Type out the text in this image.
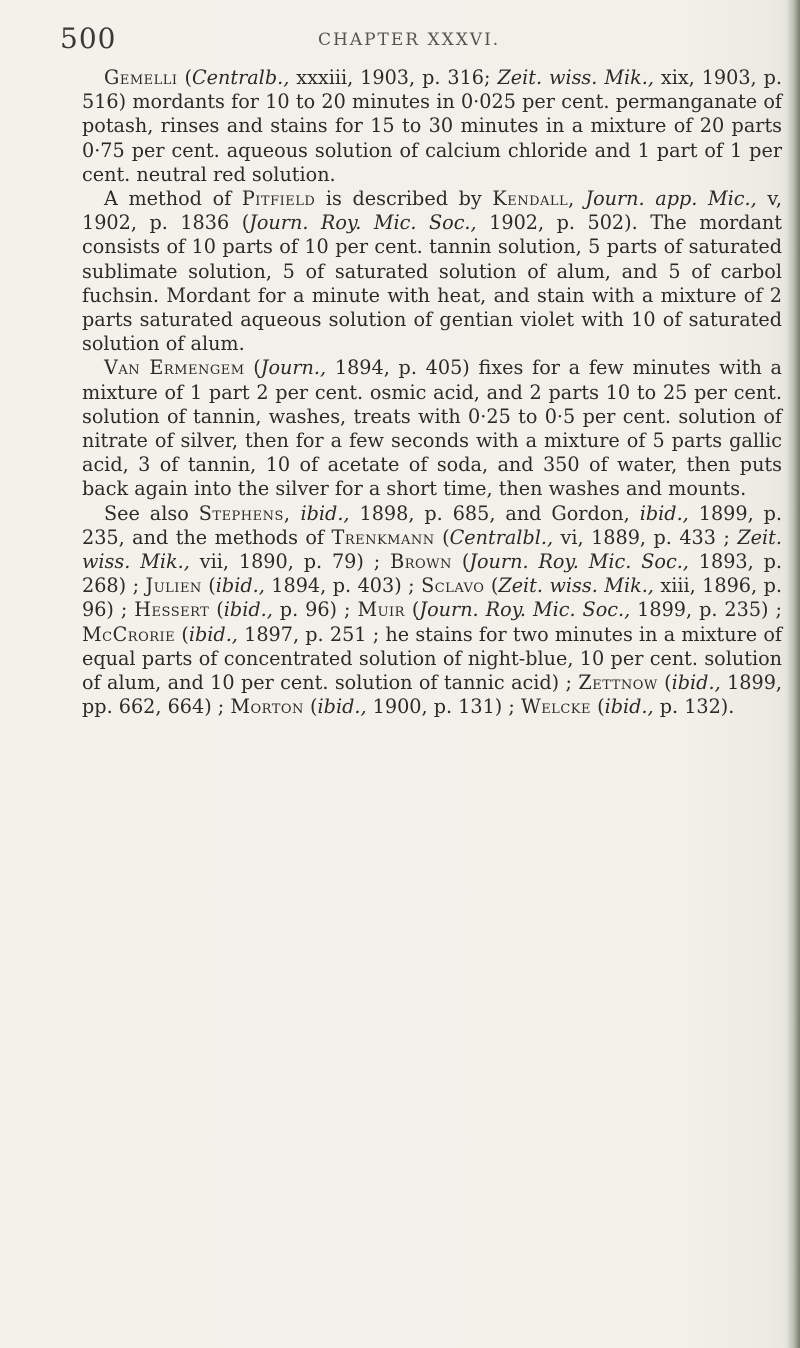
500	CHAPTER XXXVI.

Gemelli (Centralb., xxxiii, 1903, p. 316; Zeit. wiss. Mik., xix, 1903, p. 516) mordants for 10 to 20 minutes in 0·025 per cent. permanganate of potash, rinses and stains for 15 to 30 minutes in a mixture of 20 parts 0·75 per cent. aqueous solution of calcium chloride and 1 part of 1 per cent. neutral red solution.

A method of Pitfield is described by Kendall, Journ. app. Mic., v, 1902, p. 1836 (Journ. Roy. Mic. Soc., 1902, p. 502). The mordant consists of 10 parts of 10 per cent. tannin solution, 5 parts of saturated sublimate solution, 5 of saturated solution of alum, and 5 of carbol fuchsin. Mordant for a minute with heat, and stain with a mixture of 2 parts saturated aqueous solution of gentian violet with 10 of saturated solution of alum.

Van Ermengem (Journ., 1894, p. 405) fixes for a few minutes with a mixture of 1 part 2 per cent. osmic acid, and 2 parts 10 to 25 per cent. solution of tannin, washes, treats with 0·25 to 0·5 per cent. solution of nitrate of silver, then for a few seconds with a mixture of 5 parts gallic acid, 3 of tannin, 10 of acetate of soda, and 350 of water, then puts back again into the silver for a short time, then washes and mounts.

See also Stephens, ibid., 1898, p. 685, and Gordon, ibid., 1899, p. 235, and the methods of Trenkmann (Centralbl., vi, 1889, p. 433 ; Zeit. wiss. Mik., vii, 1890, p. 79) ; Brown (Journ. Roy. Mic. Soc., 1893, p. 268) ; Julien (ibid., 1894, p. 403) ; Sclavo (Zeit. wiss. Mik., xiii, 1896, p. 96) ; Hessert (ibid., p. 96) ; Muir (Journ. Roy. Mic. Soc., 1899, p. 235) ; McCrorie (ibid., 1897, p. 251 ; he stains for two minutes in a mixture of equal parts of concentrated solution of night-blue, 10 per cent. solution of alum, and 10 per cent. solution of tannic acid) ; Zettnow (ibid., 1899, pp. 662, 664) ; Morton (ibid., 1900, p. 131) ; Welcke (ibid., p. 132).
